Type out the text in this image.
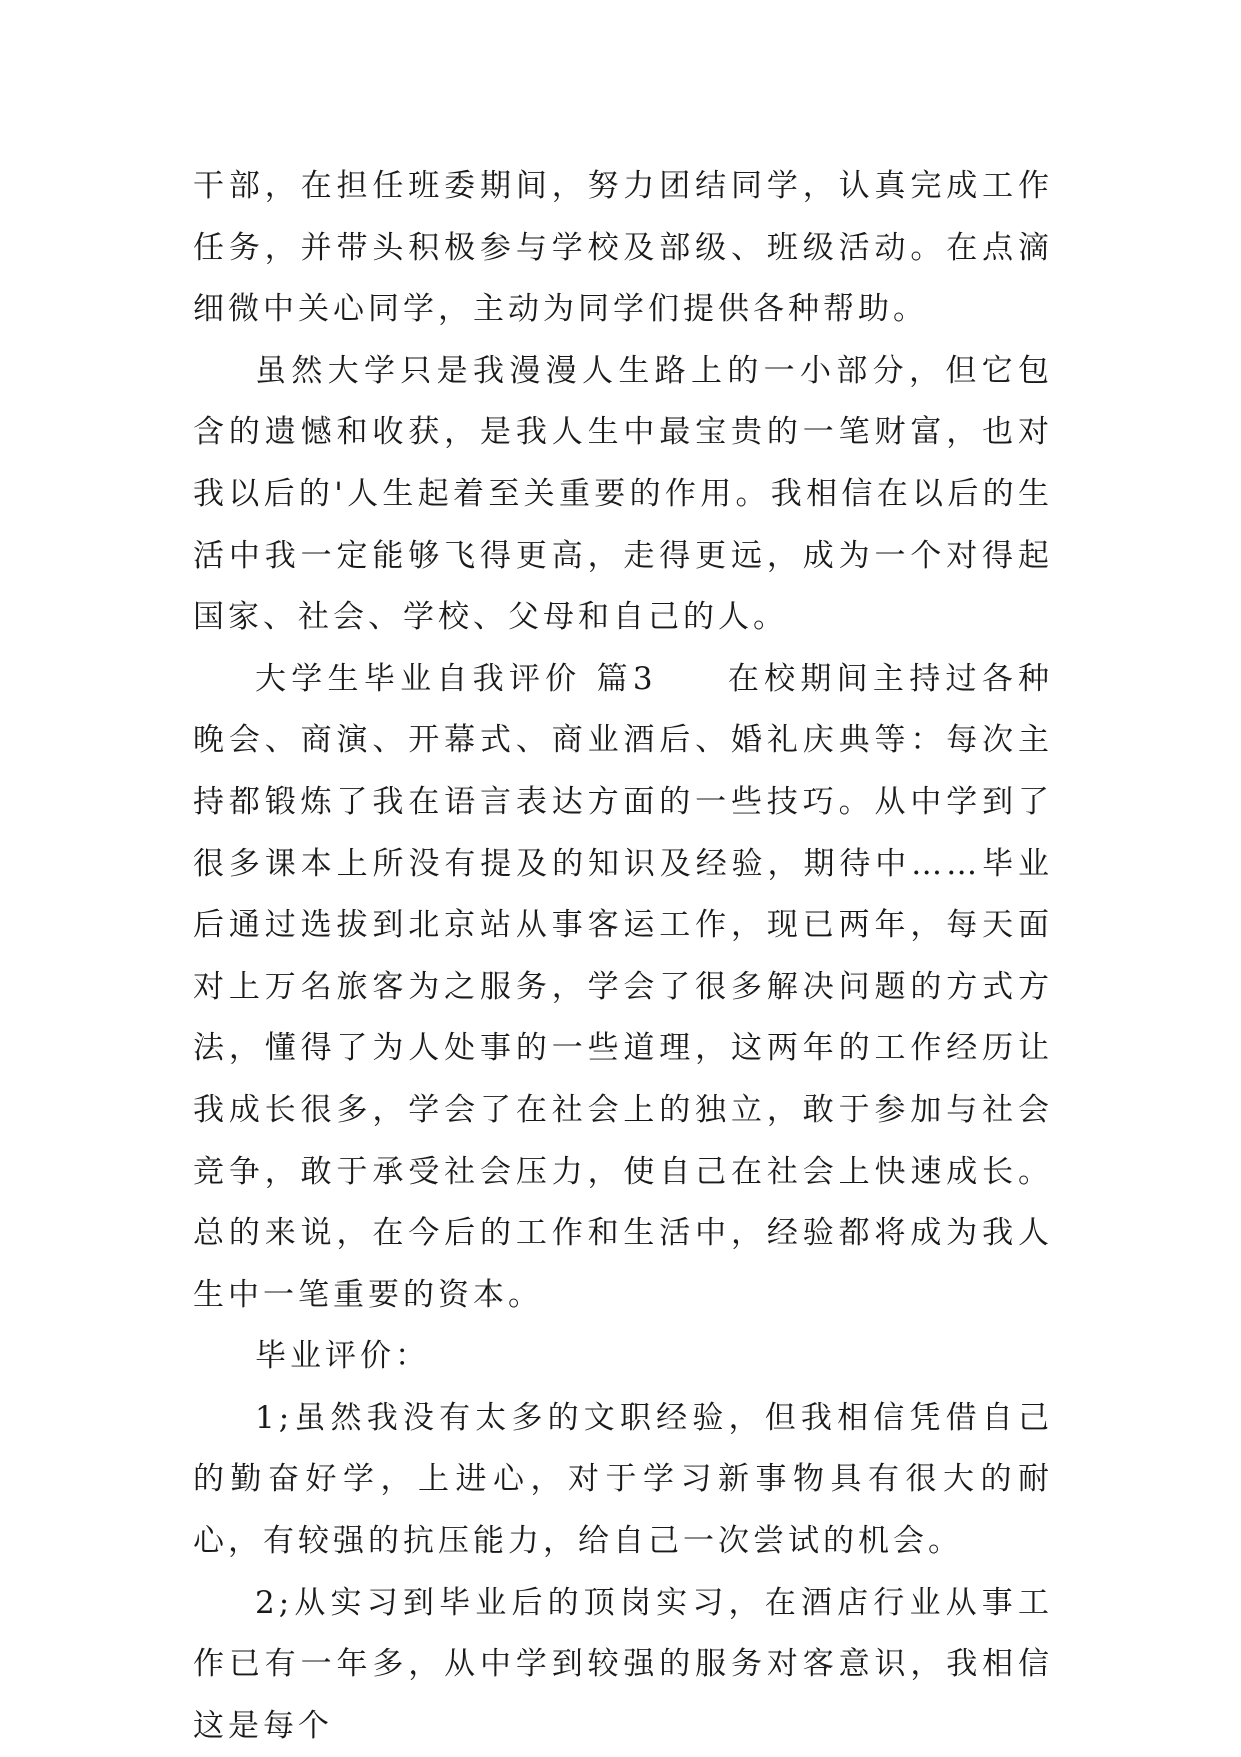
干部，在担任班委期间，努力团结同学，认真完成工作任务，并带头积极参与学校及部级、班级活动。在点滴细微中关心同学，主动为同学们提供各种帮助。

虽然大学只是我漫漫人生路上的一小部分，但它包含的遗憾和收获，是我人生中最宝贵的一笔财富，也对我以后的'人生起着至关重要的作用。我相信在以后的生活中我一定能够飞得更高，走得更远，成为一个对得起国家、社会、学校、父母和自己的人。

大学生毕业自我评价 篇3 在校期间主持过各种晚会、商演、开幕式、商业酒后、婚礼庆典等：每次主持都锻炼了我在语言表达方面的一些技巧。从中学到了很多课本上所没有提及的知识及经验，期待中……毕业后通过选拔到北京站从事客运工作，现已两年，每天面对上万名旅客为之服务，学会了很多解决问题的方式方法，懂得了为人处事的一些道理，这两年的工作经历让我成长很多，学会了在社会上的独立，敢于参加与社会竞争，敢于承受社会压力，使自己在社会上快速成长。总的来说，在今后的工作和生活中，经验都将成为我人生中一笔重要的资本。

毕业评价：

1;虽然我没有太多的文职经验，但我相信凭借自己的勤奋好学，上进心，对于学习新事物具有很大的耐心，有较强的抗压能力，给自己一次尝试的机会。

2;从实习到毕业后的顶岗实习，在酒店行业从事工作已有一年多，从中学到较强的服务对客意识，我相信这是每个
